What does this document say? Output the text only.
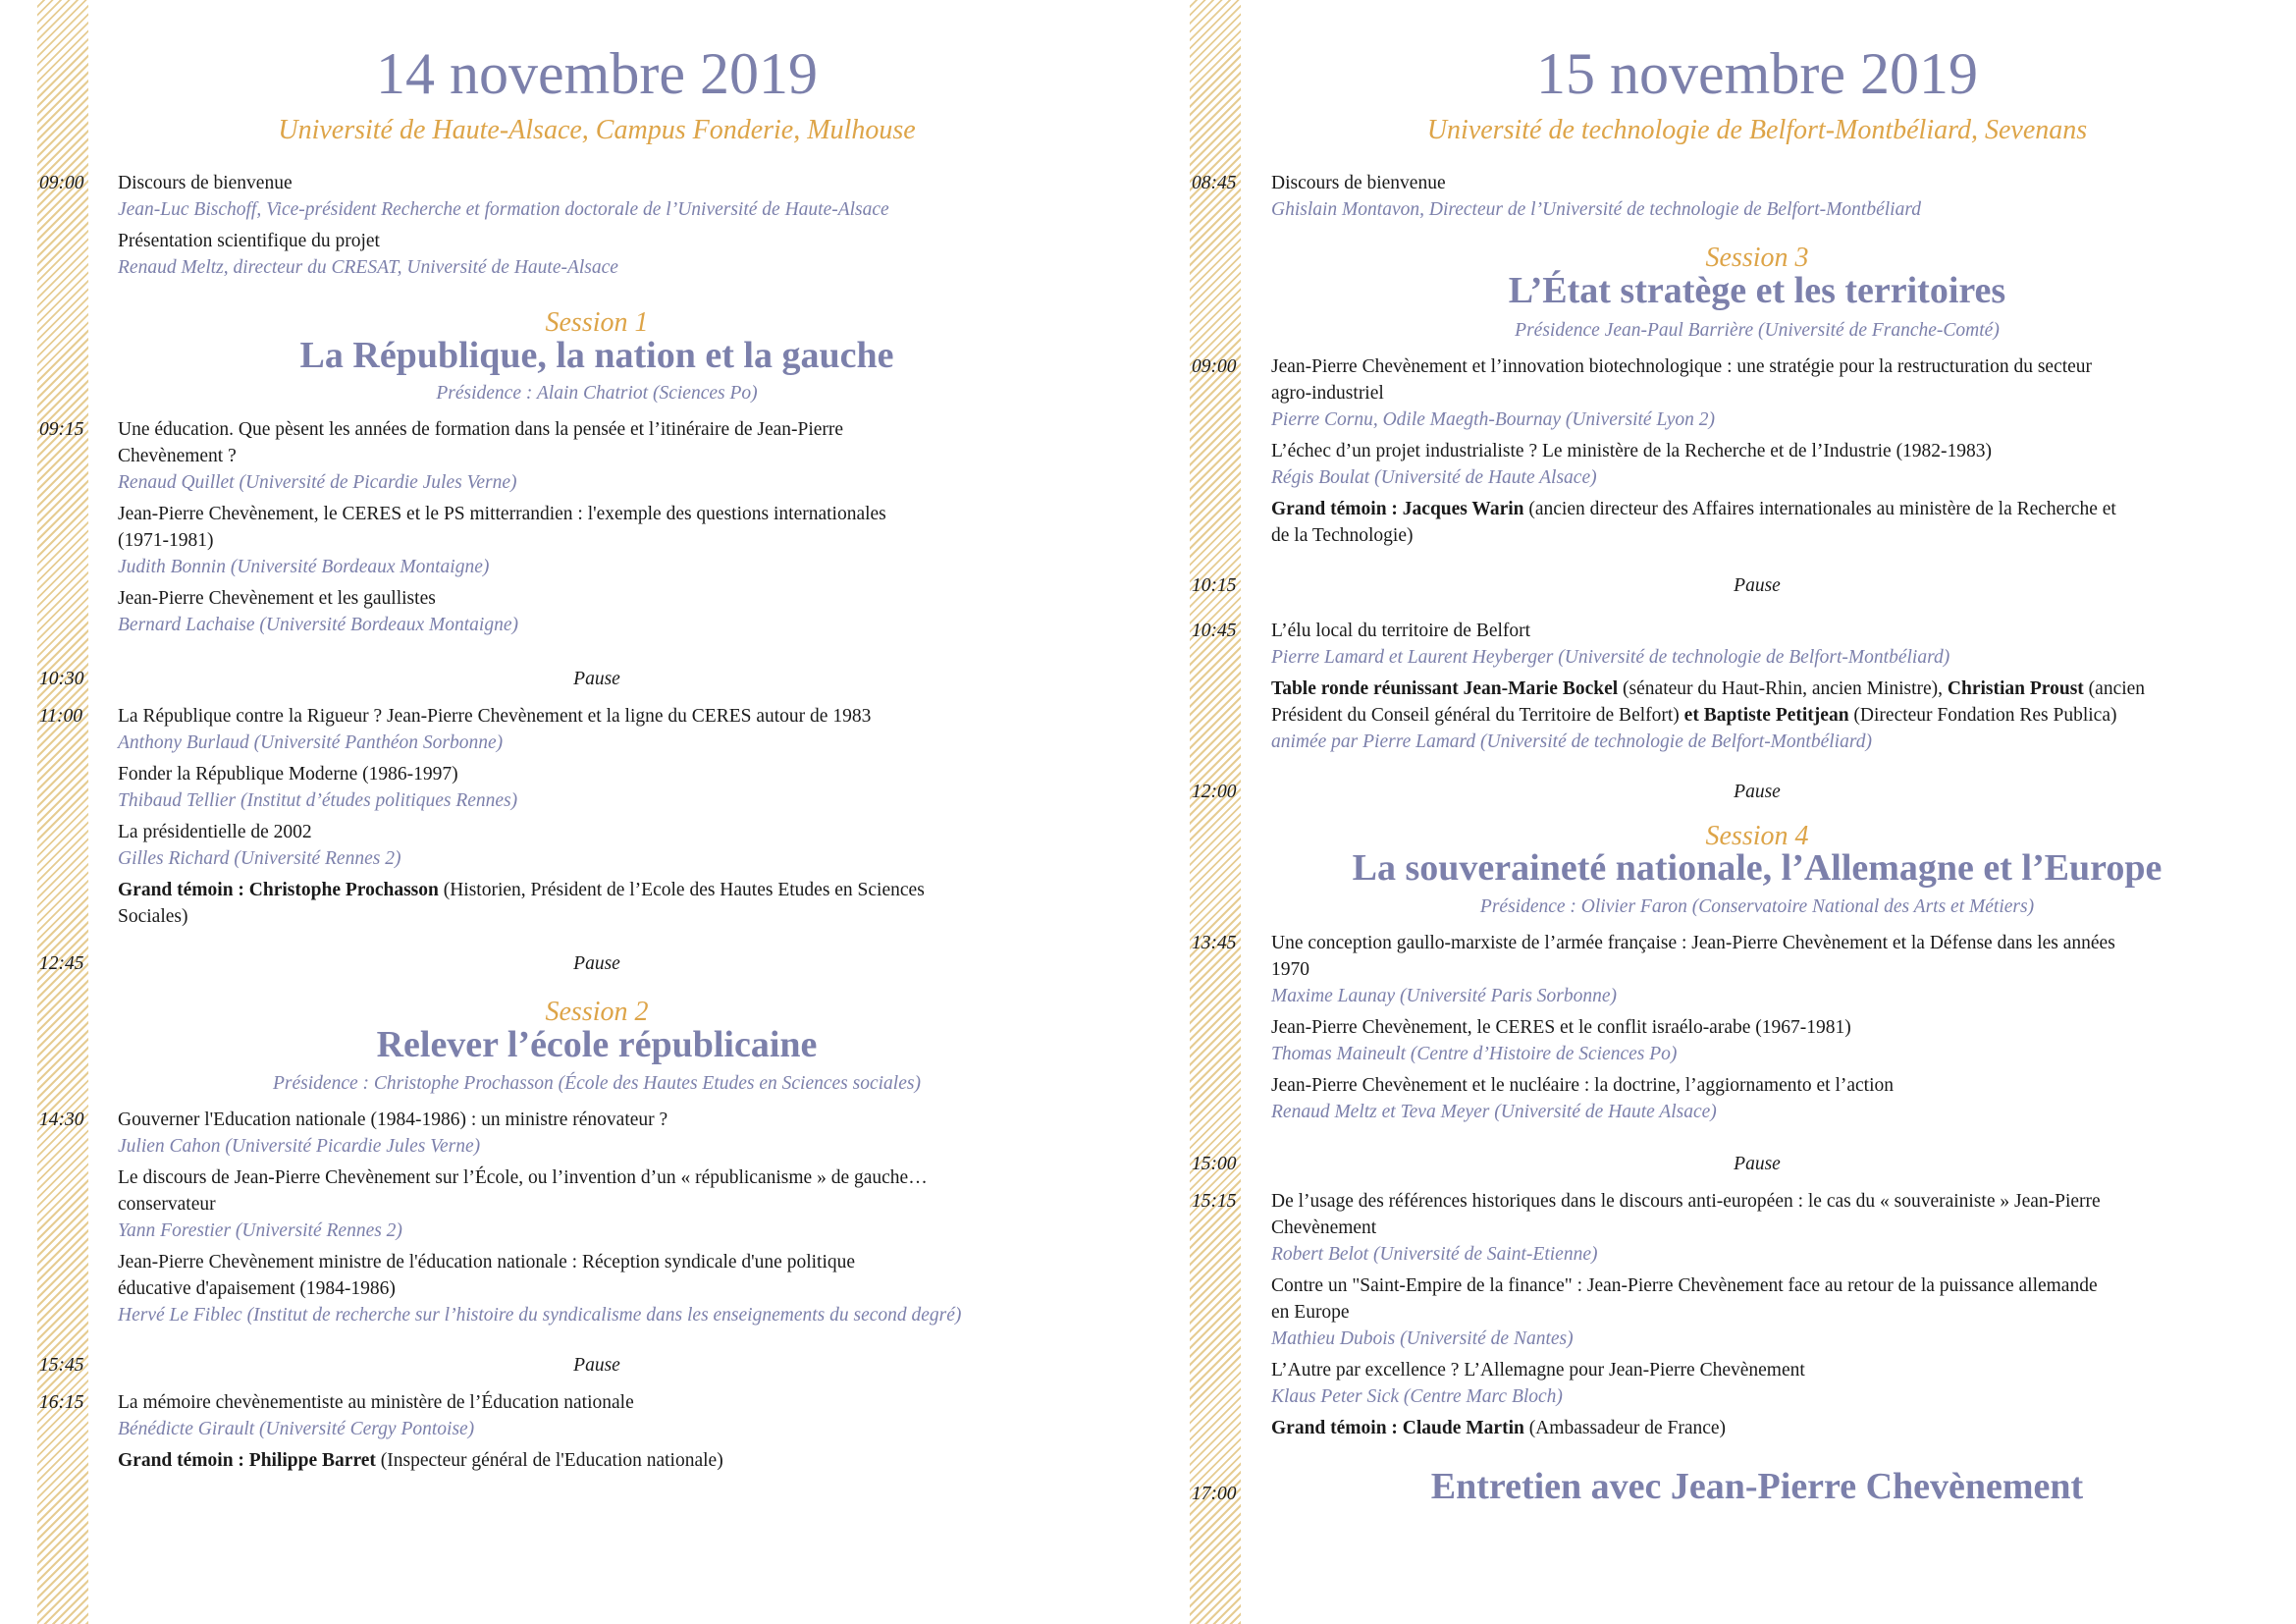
14 novembre 2019
Université de Haute-Alsace, Campus Fonderie, Mulhouse
09:00 Discours de bienvenue
Jean-Luc Bischoff, Vice-président Recherche et formation doctorale de l’Université de Haute-Alsace
Présentation scientifique du projet
Renaud Meltz, directeur du CRESAT, Université de Haute-Alsace
Session 1
La République, la nation et la gauche
Présidence : Alain Chatriot (Sciences Po)
09:15 Une éducation. Que pèsent les années de formation dans la pensée et l’itinéraire de Jean-Pierre
Chevènement ?
Renaud Quillet (Université de Picardie Jules Verne)
Jean-Pierre Chevènement, le CERES et le PS mitterrandien : l'exemple des questions internationales
(1971-1981)
Judith Bonnin (Université Bordeaux Montaigne)
Jean-Pierre Chevènement et les gaullistes
Bernard Lachaise (Université Bordeaux Montaigne)
10:30	Pause
11:00 La République contre la Rigueur ? Jean-Pierre Chevènement et la ligne du CERES autour de 1983
Anthony Burlaud (Université Panthéon Sorbonne)
Fonder la République Moderne (1986-1997)
Thibaud Tellier (Institut d’études politiques Rennes)
La présidentielle de 2002
Gilles Richard (Université Rennes 2)
Grand témoin : Christophe Prochasson (Historien, Président de l’Ecole des Hautes Etudes en Sciences
Sociales)
12:45	Pause
Session 2
Relever l’école républicaine
Présidence : Christophe Prochasson (École des Hautes Etudes en Sciences sociales)
14:30 Gouverner l'Education nationale (1984-1986) : un ministre rénovateur ?
Julien Cahon (Université Picardie Jules Verne)
Le discours de Jean-Pierre Chevènement sur l’École, ou l’invention d’un « républicanisme » de gauche…
conservateur
Yann Forestier (Université Rennes 2)
Jean-Pierre Chevènement ministre de l'éducation nationale : Réception syndicale d'une politique
éducative d'apaisement (1984-1986)
Hervé Le Fiblec (Institut de recherche sur l’histoire du syndicalisme dans les enseignements du second degré)
15:45	Pause
16:15 La mémoire chevènementiste au ministère de l’Éducation nationale
Bénédicte Girault (Université Cergy Pontoise)
Grand témoin : Philippe Barret (Inspecteur général de l'Education nationale)
15 novembre 2019
Université de technologie de Belfort-Montbéliard, Sevenans
08:45 Discours de bienvenue
Ghislain Montavon, Directeur de l’Université de technologie de Belfort-Montbéliard
Session 3
L’État stratège et les territoires
Présidence Jean-Paul Barrière (Université de Franche-Comté)
09:00 Jean-Pierre Chevènement et l’innovation biotechnologique : une stratégie pour la restructuration du secteur
agro-industriel
Pierre Cornu, Odile Maegth-Bournay (Université Lyon 2)
L’échec d’un projet industrialiste ? Le ministère de la Recherche et de l’Industrie (1982-1983)
Régis Boulat (Université de Haute Alsace)
Grand témoin : Jacques Warin (ancien directeur des Affaires internationales au ministère de la Recherche et
de la Technologie)
10:15	Pause
10:45 L’élu local du territoire de Belfort
Pierre Lamard et Laurent Heyberger (Université de technologie de Belfort-Montbéliard)
Table ronde réunissant Jean-Marie Bockel (sénateur du Haut-Rhin, ancien Ministre), Christian Proust (ancien
Président du Conseil général du Territoire de Belfort) et Baptiste Petitjean (Directeur Fondation Res Publica)
animée par Pierre Lamard (Université de technologie de Belfort-Montbéliard)
12:00	Pause
Session 4
La souveraineté nationale, l’Allemagne et l’Europe
Présidence : Olivier Faron (Conservatoire National des Arts et Métiers)
13:45 Une conception gaullo-marxiste de l’armée française : Jean-Pierre Chevènement et la Défense dans les années
1970
Maxime Launay (Université Paris Sorbonne)
Jean-Pierre Chevènement, le CERES et le conflit israélo-arabe (1967-1981)
Thomas Maineult (Centre d’Histoire de Sciences Po)
Jean-Pierre Chevènement et le nucléaire : la doctrine, l’aggiornamento et l’action
Renaud Meltz et Teva Meyer (Université de Haute Alsace)
15:00	Pause
15:15 De l’usage des références historiques dans le discours anti-européen : le cas du « souverainiste » Jean-Pierre
Chevènement
Robert Belot (Université de Saint-Etienne)
Contre un "Saint-Empire de la finance" : Jean-Pierre Chevènement face au retour de la puissance allemande
en Europe
Mathieu Dubois (Université de Nantes)
L’Autre par excellence ? L’Allemagne pour Jean-Pierre Chevènement
Klaus Peter Sick (Centre Marc Bloch)
Grand témoin : Claude Martin (Ambassadeur de France)
17:00	Entretien avec Jean-Pierre Chevènement
